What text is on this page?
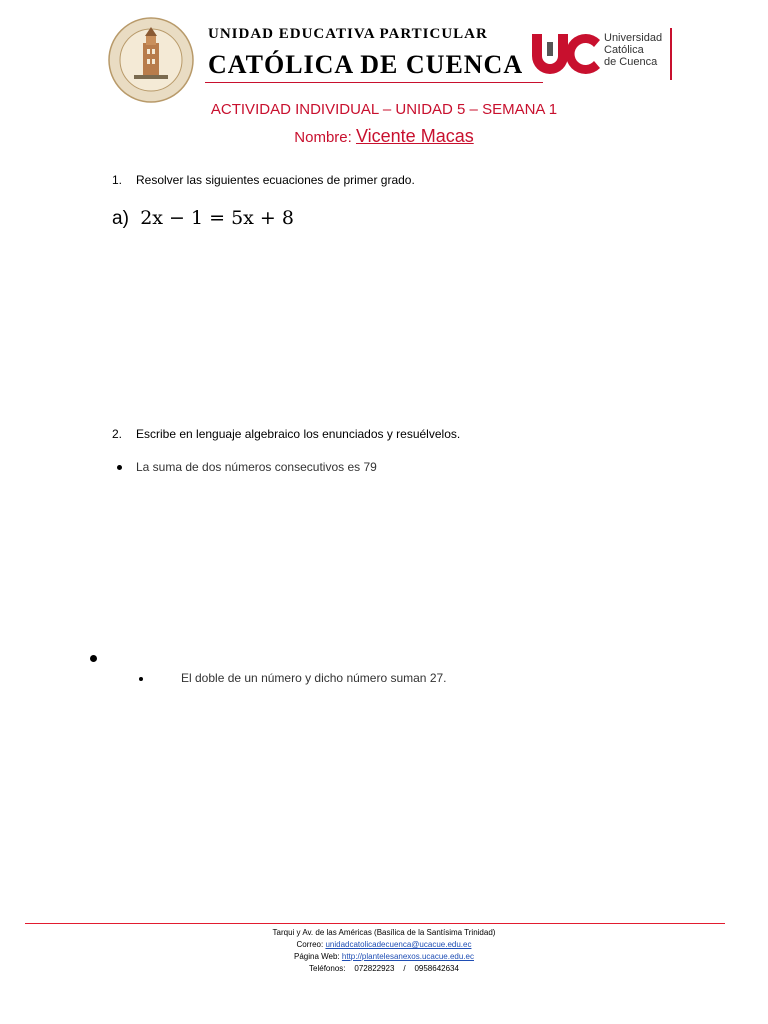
UNIDAD EDUCATIVA PARTICULAR
CATÓLICA DE CUENCA
Universidad
Católica
de Cuenca
ACTIVIDAD INDIVIDUAL – UNIDAD 5 – SEMANA 1
Nombre: Vicente Macas
1. Resolver las siguientes ecuaciones de primer grado.
a) 2x − 1 = 5x + 8
2. Escribe en lenguaje algebraico los enunciados y resuélvelos.
La suma de dos números consecutivos es 79
El doble de un número y dicho número suman 27.
Tarqui y Av. de las Américas (Basílica de la Santísima Trinidad)
Correo: unidadcatolicadecuenca@ucacue.edu.ec
Página Web: http://plantelesanexos.ucacue.edu.ec
Teléfonos: 072822923 / 0958642634
